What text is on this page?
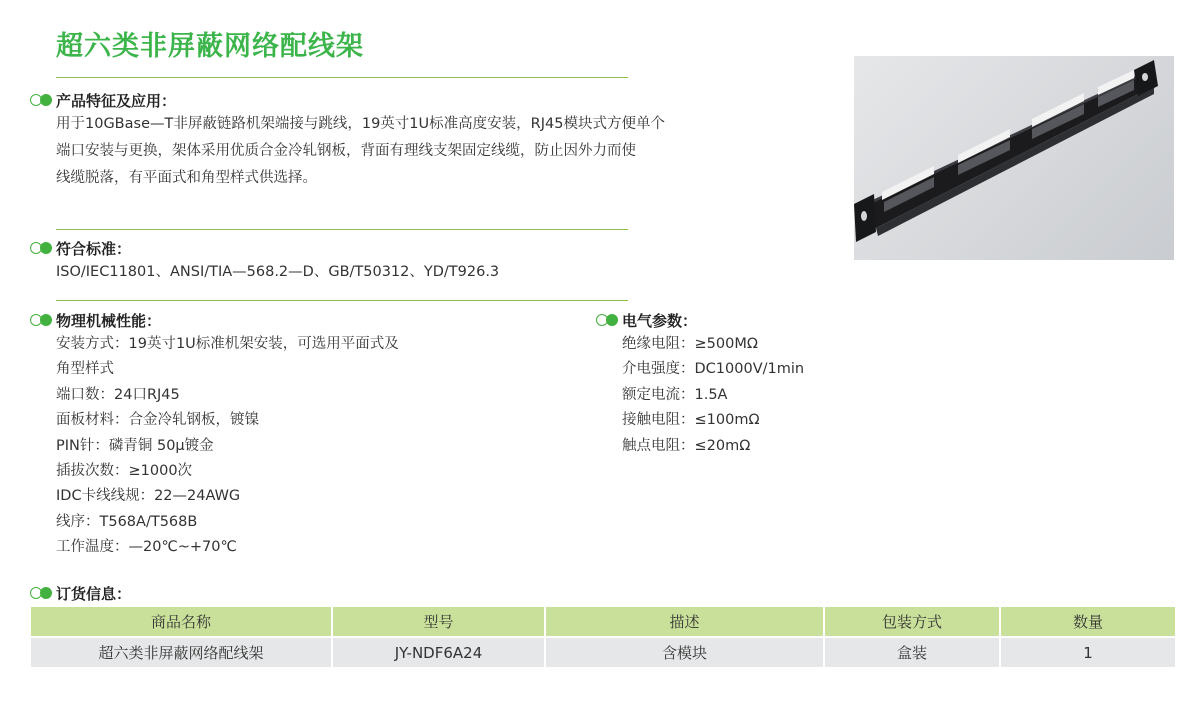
超六类非屏蔽网络配线架
产品特征及应用：
用于10GBase—T非屏蔽链路机架端接与跳线，19英寸1U标准高度安装，RJ45模块式方便单个
端口安装与更换，架体采用优质合金冷轧钢板，背面有理线支架固定线缆，防止因外力而使
线缆脱落，有平面式和角型样式供选择。
符合标准：
ISO/IEC11801、ANSI/TIA—568.2—D、GB/T50312、YD/T926.3
物理机械性能：
安装方式：19英寸1U标准机架安装，可选用平面式及
角型样式
端口数：24口RJ45
面板材料：合金冷轧钢板，镀镍
PIN针：磷青铜 50μ镀金
插拔次数：≥1000次
IDC卡线线规：22—24AWG
线序：T568A/T568B
工作温度：—20℃~+70℃
电气参数：
绝缘电阻：≥500MΩ
介电强度：DC1000V/1min
额定电流：1.5A
接触电阻：≤100mΩ
触点电阻：≤20mΩ
订货信息：
商品名称	型号	描述	包装方式	数量
超六类非屏蔽网络配线架	JY-NDF6A24	含模块	盒装	1
